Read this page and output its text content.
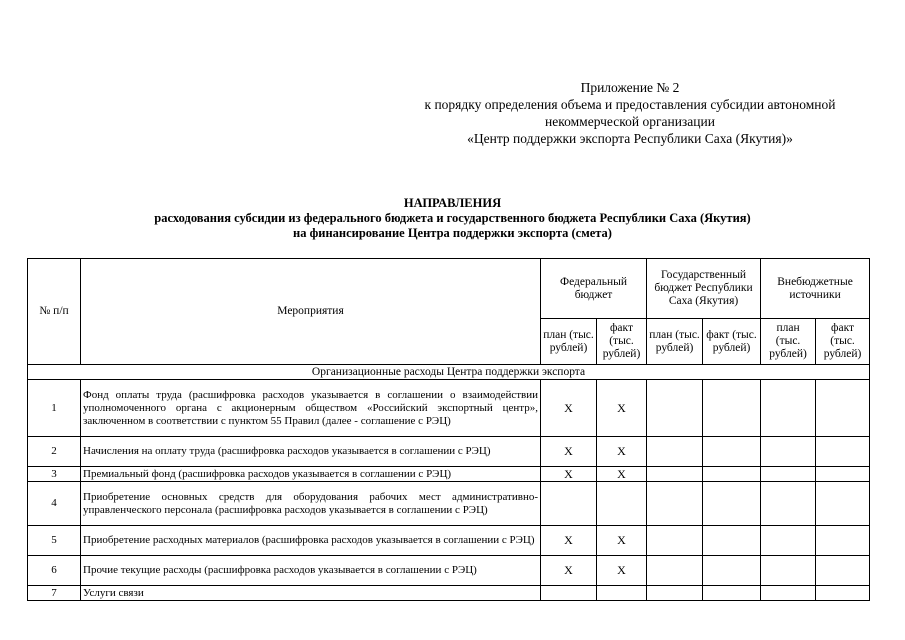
Приложение № 2
к порядку определения объема и предоставления субсидии автономной
некоммерческой организации
«Центр поддержки экспорта Республики Саха (Якутия)»
НАПРАВЛЕНИЯ
расходования субсидии из федерального бюджета и государственного бюджета Республики Саха (Якутия)
на финансирование Центра поддержки экспорта (смета)
№ п/п	Мероприятия	Федеральный бюджет		Государственный бюджет Республики Саха (Якутия)		Внебюджетные источники	
		план (тыс. рублей)	факт (тыс. рублей)	план (тыс. рублей)	факт (тыс. рублей)	план (тыс. рублей)	факт (тыс. рублей)
Организационные расходы Центра поддержки экспорта							
1	Фонд оплаты труда (расшифровка расходов указывается в соглашении о взаимодействии уполномоченного органа с акционерным обществом «Российский экспортный центр», заключенном в соответствии с пунктом 55 Правил (далее - соглашение с РЭЦ)	X	X				
2	Начисления на оплату труда (расшифровка расходов указывается в соглашении с РЭЦ)	X	X				
3	Премиальный фонд (расшифровка расходов указывается в соглашении с РЭЦ)	X	X				
4	Приобретение основных средств для оборудования рабочих мест административно-управленческого персонала (расшифровка расходов указывается в соглашении с РЭЦ)						
5	Приобретение расходных материалов (расшифровка расходов указывается в соглашении с РЭЦ)	X	X				
6	Прочие текущие расходы (расшифровка расходов указывается в соглашении с РЭЦ)	X	X				
7	Услуги связи						
